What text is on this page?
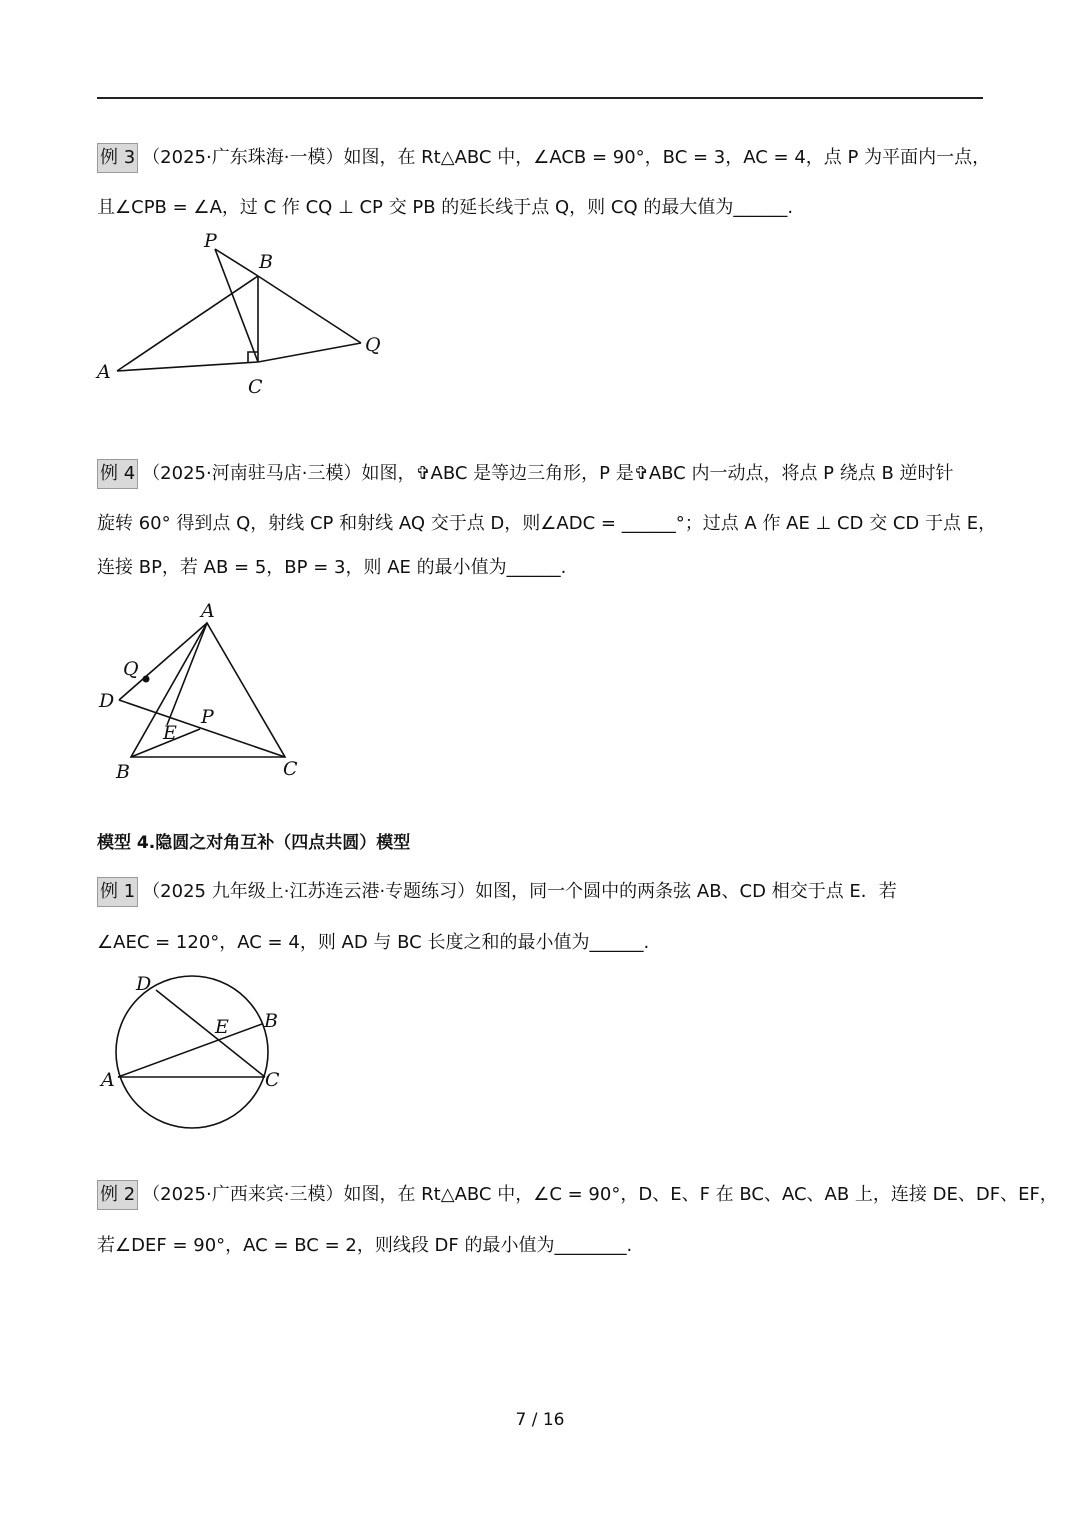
例 3 （2025·广东珠海·一模）如图，在 Rt△ABC 中，∠ACB = 90°，BC = 3，AC = 4，点 P 为平面内一点，
且∠CPB = ∠A，过 C 作 CQ ⊥ CP 交 PB 的延长线于点 Q，则 CQ 的最大值为______.
P
B
A
C
Q
例 4 （2025·河南驻马店·三模）如图，✞ABC 是等边三角形，P 是✞ABC 内一动点，将点 P 绕点 B 逆时针
旋转 60° 得到点 Q，射线 CP 和射线 AQ 交于点 D，则∠ADC = ______°；过点 A 作 AE ⊥ CD 交 CD 于点 E，
连接 BP，若 AB = 5，BP = 3，则 AE 的最小值为______.
A
Q
D
P
E
B	C
模型 4.隐圆之对角互补（四点共圆）模型
例 1 （2025 九年级上·江苏连云港·专题练习）如图，同一个圆中的两条弦 AB、CD 相交于点 E．若
∠AEC = 120°，AC = 4，则 AD 与 BC 长度之和的最小值为______.
D
E B
A	C
例 2 （2025·广西来宾·三模）如图，在 Rt△ABC 中，∠C = 90°，D、E、F 在 BC、AC、AB 上，连接 DE、DF、EF，
若∠DEF = 90°，AC = BC = 2，则线段 DF 的最小值为________.
7 / 16
